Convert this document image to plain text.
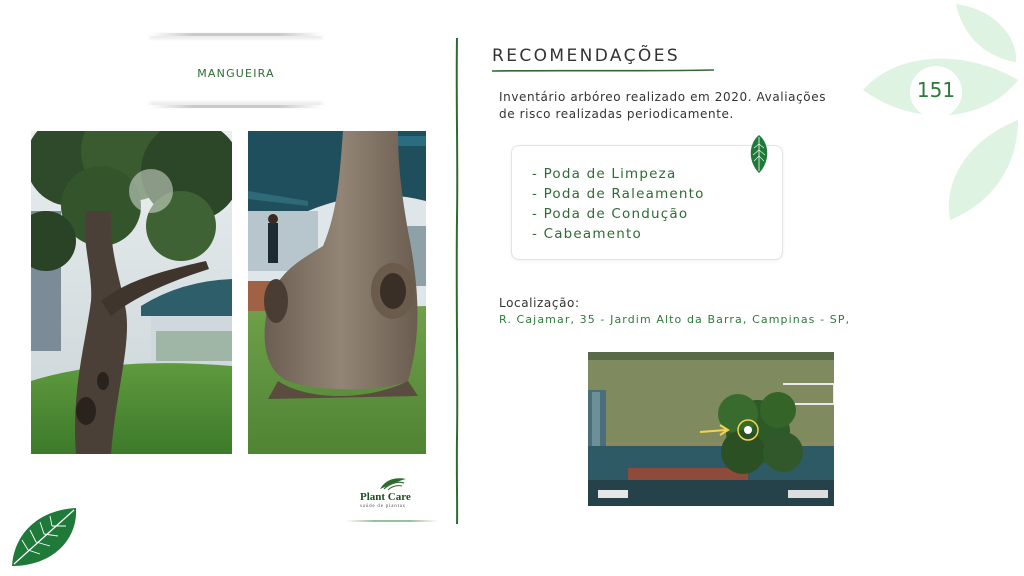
MANGUEIRA
RECOMENDAÇÕES
Inventário arbóreo realizado em 2020. Avaliações
de risco realizadas periodicamente.
- Poda de Limpeza
- Poda de Raleamento
- Poda de Condução
- Cabeamento
Localização:
R. Cajamar, 35 - Jardim Alto da Barra, Campinas - SP,
151
Plant Care
saúde de plantas
